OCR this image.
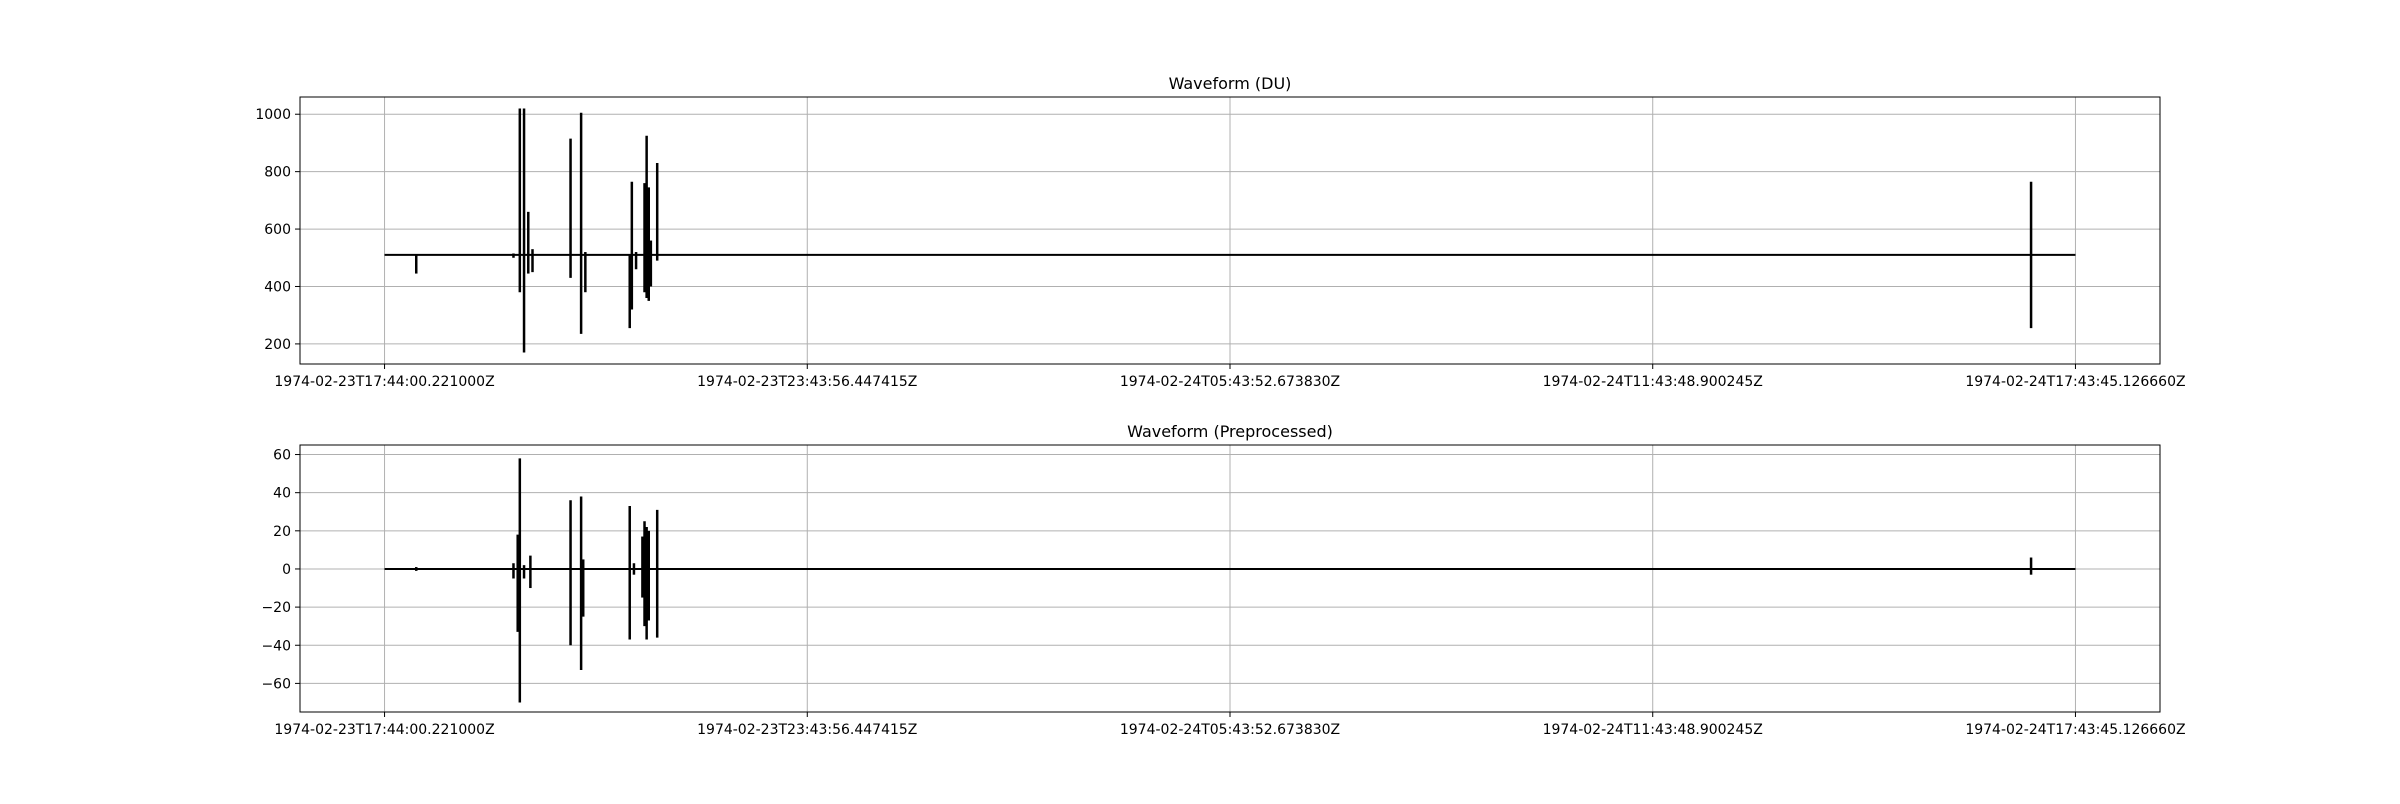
1974-02-23T17:44:00.221000Z	1974-02-23T23:43:56.447415Z	1974-02-24T05:43:52.673830Z	1974-02-24T11:43:48.900245Z	1974-02-24T17:43:45.126660Z
200
400
600
800
1000
Waveform (DU)
1974-02-23T17:44:00.221000Z	1974-02-23T23:43:56.447415Z	1974-02-24T05:43:52.673830Z	1974-02-24T11:43:48.900245Z	1974-02-24T17:43:45.126660Z
−60
−40
−20
0
20
40
60
Waveform (Preprocessed)
